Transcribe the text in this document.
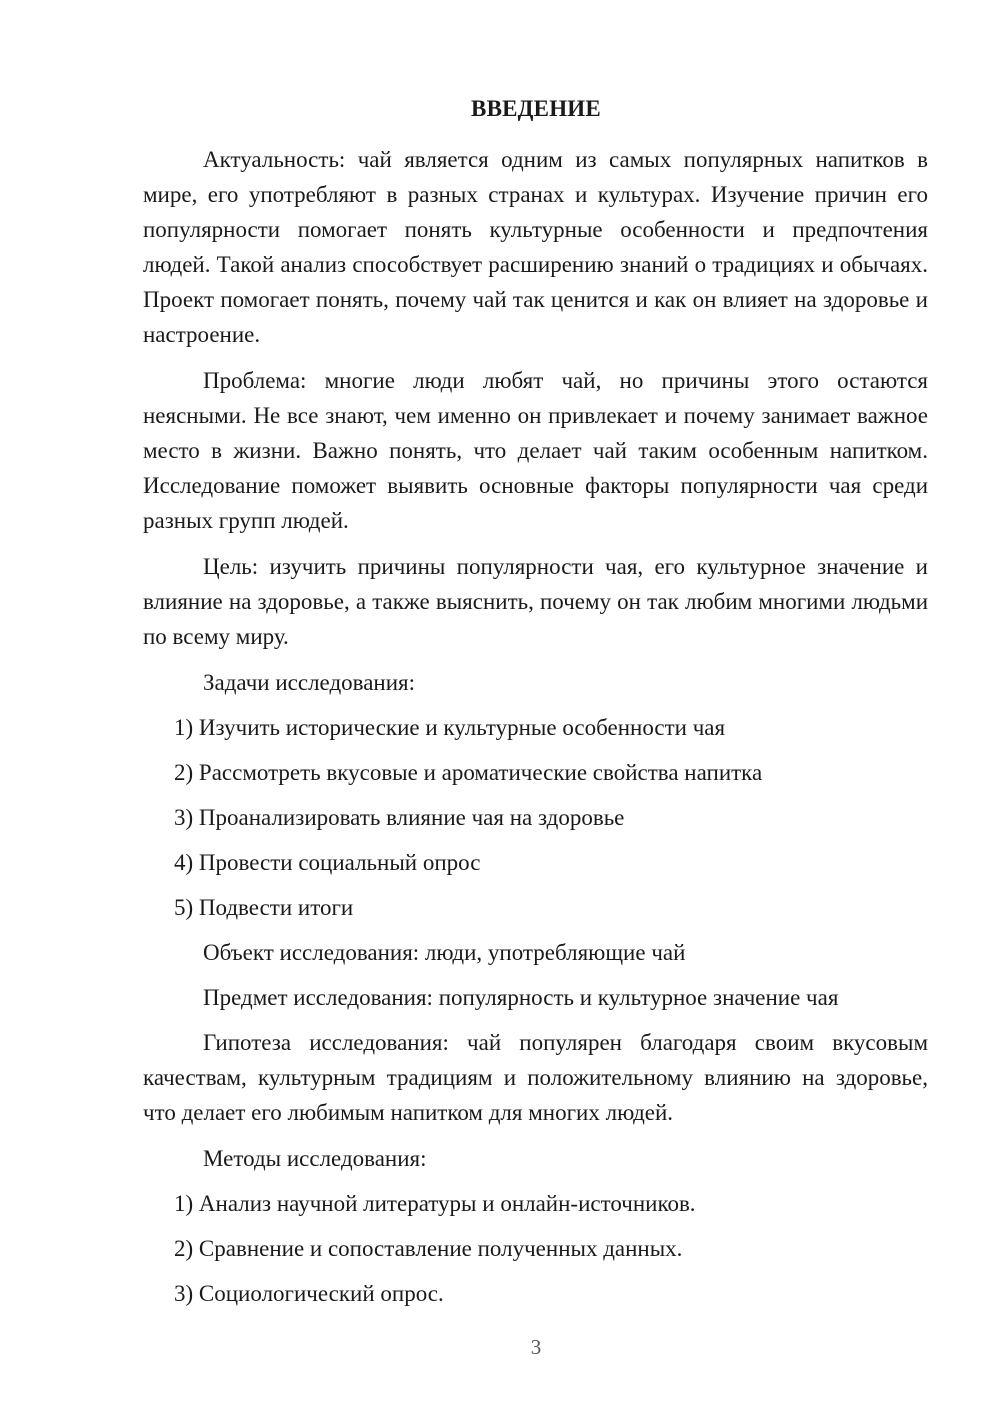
ВВЕДЕНИЕ

Актуальность: чай является одним из самых популярных напитков в мире, его употребляют в разных странах и культурах. Изучение причин его популярности помогает понять культурные особенности и предпочтения людей. Такой анализ способствует расширению знаний о традициях и обычаях. Проект помогает понять, почему чай так ценится и как он влияет на здоровье и настроение.

Проблема: многие люди любят чай, но причины этого остаются неясными. Не все знают, чем именно он привлекает и почему занимает важное место в жизни. Важно понять, что делает чай таким особенным напитком. Исследование поможет выявить основные факторы популярности чая среди разных групп людей.

Цель: изучить причины популярности чая, его культурное значение и влияние на здоровье, а также выяснить, почему он так любим многими людьми по всему миру.

Задачи исследования:

1) Изучить исторические и культурные особенности чая

2) Рассмотреть вкусовые и ароматические свойства напитка

3) Проанализировать влияние чая на здоровье

4) Провести социальный опрос

5) Подвести итоги

Объект исследования: люди, употребляющие чай

Предмет исследования: популярность и культурное значение чая

Гипотеза исследования: чай популярен благодаря своим вкусовым качествам, культурным традициям и положительному влиянию на здоровье, что делает его любимым напитком для многих людей.

Методы исследования:

1) Анализ научной литературы и онлайн-источников.

2) Сравнение и сопоставление полученных данных.

3) Социологический опрос.

3
